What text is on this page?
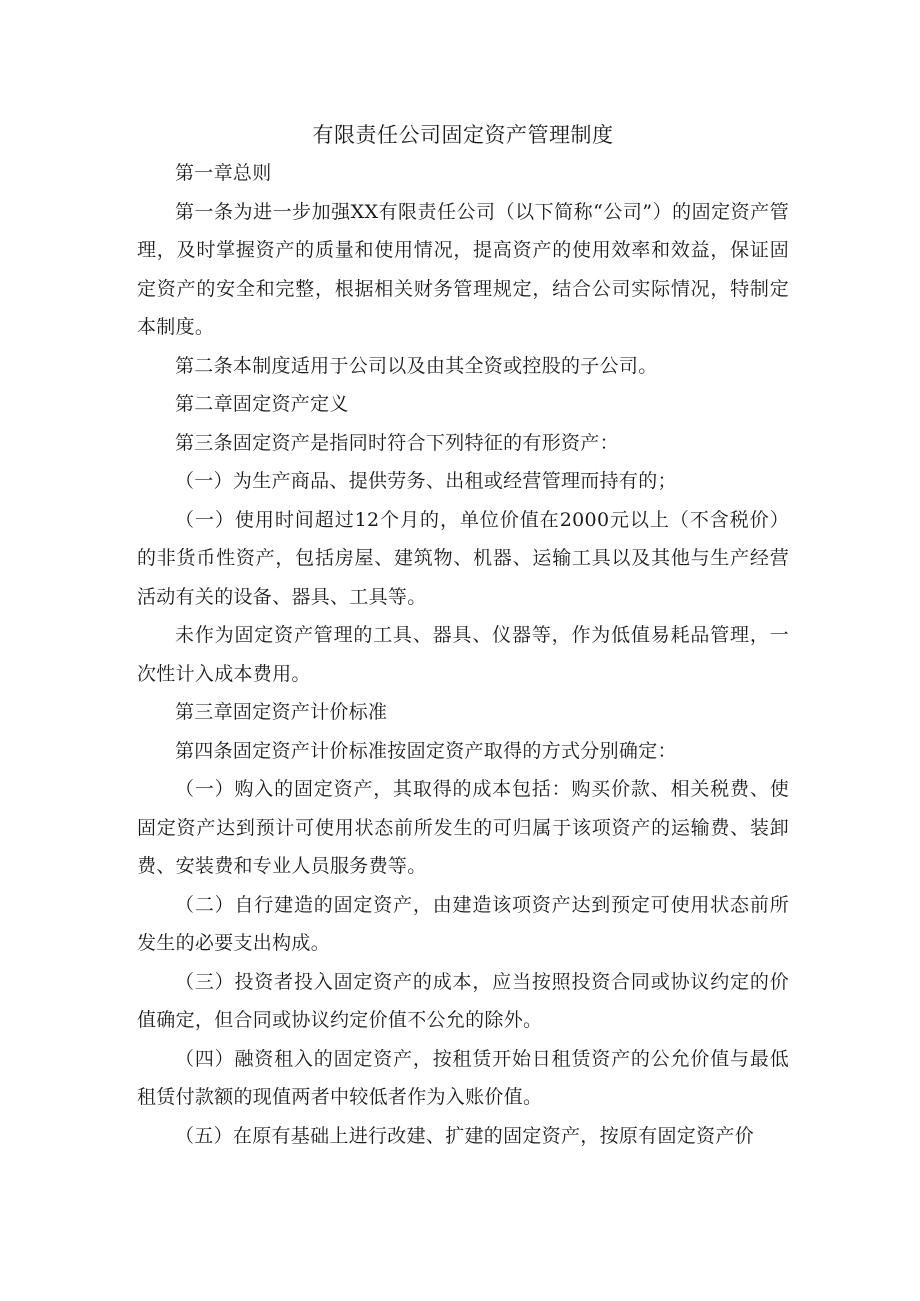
有限责任公司固定资产管理制度

第一章总则

第一条为进一步加强XX有限责任公司（以下简称“公司”）的固定资产管理，及时掌握资产的质量和使用情况，提高资产的使用效率和效益，保证固定资产的安全和完整，根据相关财务管理规定，结合公司实际情况，特制定本制度。

第二条本制度适用于公司以及由其全资或控股的子公司。

第二章固定资产定义

第三条固定资产是指同时符合下列特征的有形资产：

（一）为生产商品、提供劳务、出租或经营管理而持有的；

（一）使用时间超过12个月的，单位价值在2000元以上（不含税价）的非货币性资产，包括房屋、建筑物、机器、运输工具以及其他与生产经营活动有关的设备、器具、工具等。

未作为固定资产管理的工具、器具、仪器等，作为低值易耗品管理，一次性计入成本费用。

第三章固定资产计价标准

第四条固定资产计价标准按固定资产取得的方式分别确定：

（一）购入的固定资产，其取得的成本包括：购买价款、相关税费、使固定资产达到预计可使用状态前所发生的可归属于该项资产的运输费、装卸费、安装费和专业人员服务费等。

（二）自行建造的固定资产，由建造该项资产达到预定可使用状态前所发生的必要支出构成。

（三）投资者投入固定资产的成本，应当按照投资合同或协议约定的价值确定，但合同或协议约定价值不公允的除外。

（四）融资租入的固定资产，按租赁开始日租赁资产的公允价值与最低租赁付款额的现值两者中较低者作为入账价值。

（五）在原有基础上进行改建、扩建的固定资产，按原有固定资产价
